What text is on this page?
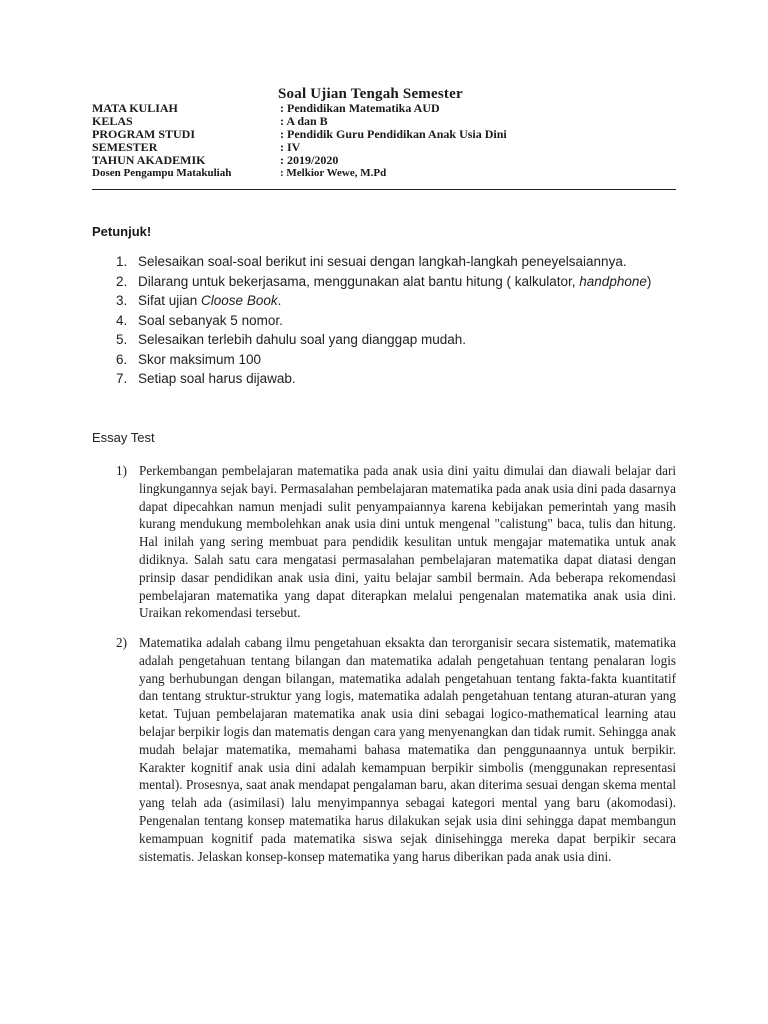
Soal Ujian Tengah Semester
MATA KULIAH	: Pendidikan Matematika AUD
KELAS	: A dan B
PROGRAM STUDI	: Pendidik Guru Pendidikan Anak Usia Dini
SEMESTER	: IV
TAHUN AKADEMIK	: 2019/2020
Dosen Pengampu Matakuliah	: Melkior Wewe, M.Pd
Petunjuk!
1. Selesaikan soal-soal berikut ini sesuai dengan langkah-langkah peneyelsaiannya.
2. Dilarang untuk bekerjasama, menggunakan alat bantu hitung ( kalkulator, handphone)
3. Sifat ujian Cloose Book.
4. Soal sebanyak 5 nomor.
5. Selesaikan terlebih dahulu soal yang dianggap mudah.
6. Skor maksimum 100
7. Setiap soal harus dijawab.
Essay Test
1) Perkembangan pembelajaran matematika pada anak usia dini yaitu dimulai dan diawali belajar dari lingkungannya sejak bayi. Permasalahan pembelajaran matematika pada anak usia dini pada dasarnya dapat dipecahkan namun menjadi sulit penyampaiannya karena kebijakan pemerintah yang masih kurang mendukung membolehkan anak usia dini untuk mengenal "calistung" baca, tulis dan hitung. Hal inilah yang sering membuat para pendidik kesulitan untuk mengajar matematika untuk anak didiknya. Salah satu cara mengatasi permasalahan pembelajaran matematika dapat diatasi dengan prinsip dasar pendidikan anak usia dini, yaitu belajar sambil bermain. Ada beberapa rekomendasi pembelajaran matematika yang dapat diterapkan melalui pengenalan matematika anak usia dini. Uraikan rekomendasi tersebut.
2) Matematika adalah cabang ilmu pengetahuan eksakta dan terorganisir secara sistematik, matematika adalah pengetahuan tentang bilangan dan matematika adalah pengetahuan tentang penalaran logis yang berhubungan dengan bilangan, matematika adalah pengetahuan tentang fakta-fakta kuantitatif dan tentang struktur-struktur yang logis, matematika adalah pengetahuan tentang aturan-aturan yang ketat. Tujuan pembelajaran matematika anak usia dini sebagai logico-mathematical learning atau belajar berpikir logis dan matematis dengan cara yang menyenangkan dan tidak rumit. Sehingga anak mudah belajar matematika, memahami bahasa matematika dan penggunaannya untuk berpikir. Karakter kognitif anak usia dini adalah kemampuan berpikir simbolis (menggunakan representasi mental). Prosesnya, saat anak mendapat pengalaman baru, akan diterima sesuai dengan skema mental yang telah ada (asimilasi) lalu menyimpannya sebagai kategori mental yang baru (akomodasi). Pengenalan tentang konsep matematika harus dilakukan sejak usia dini sehingga dapat membangun kemampuan kognitif pada matematika siswa sejak dinisehingga mereka dapat berpikir secara sistematis. Jelaskan konsep-konsep matematika yang harus diberikan pada anak usia dini.
